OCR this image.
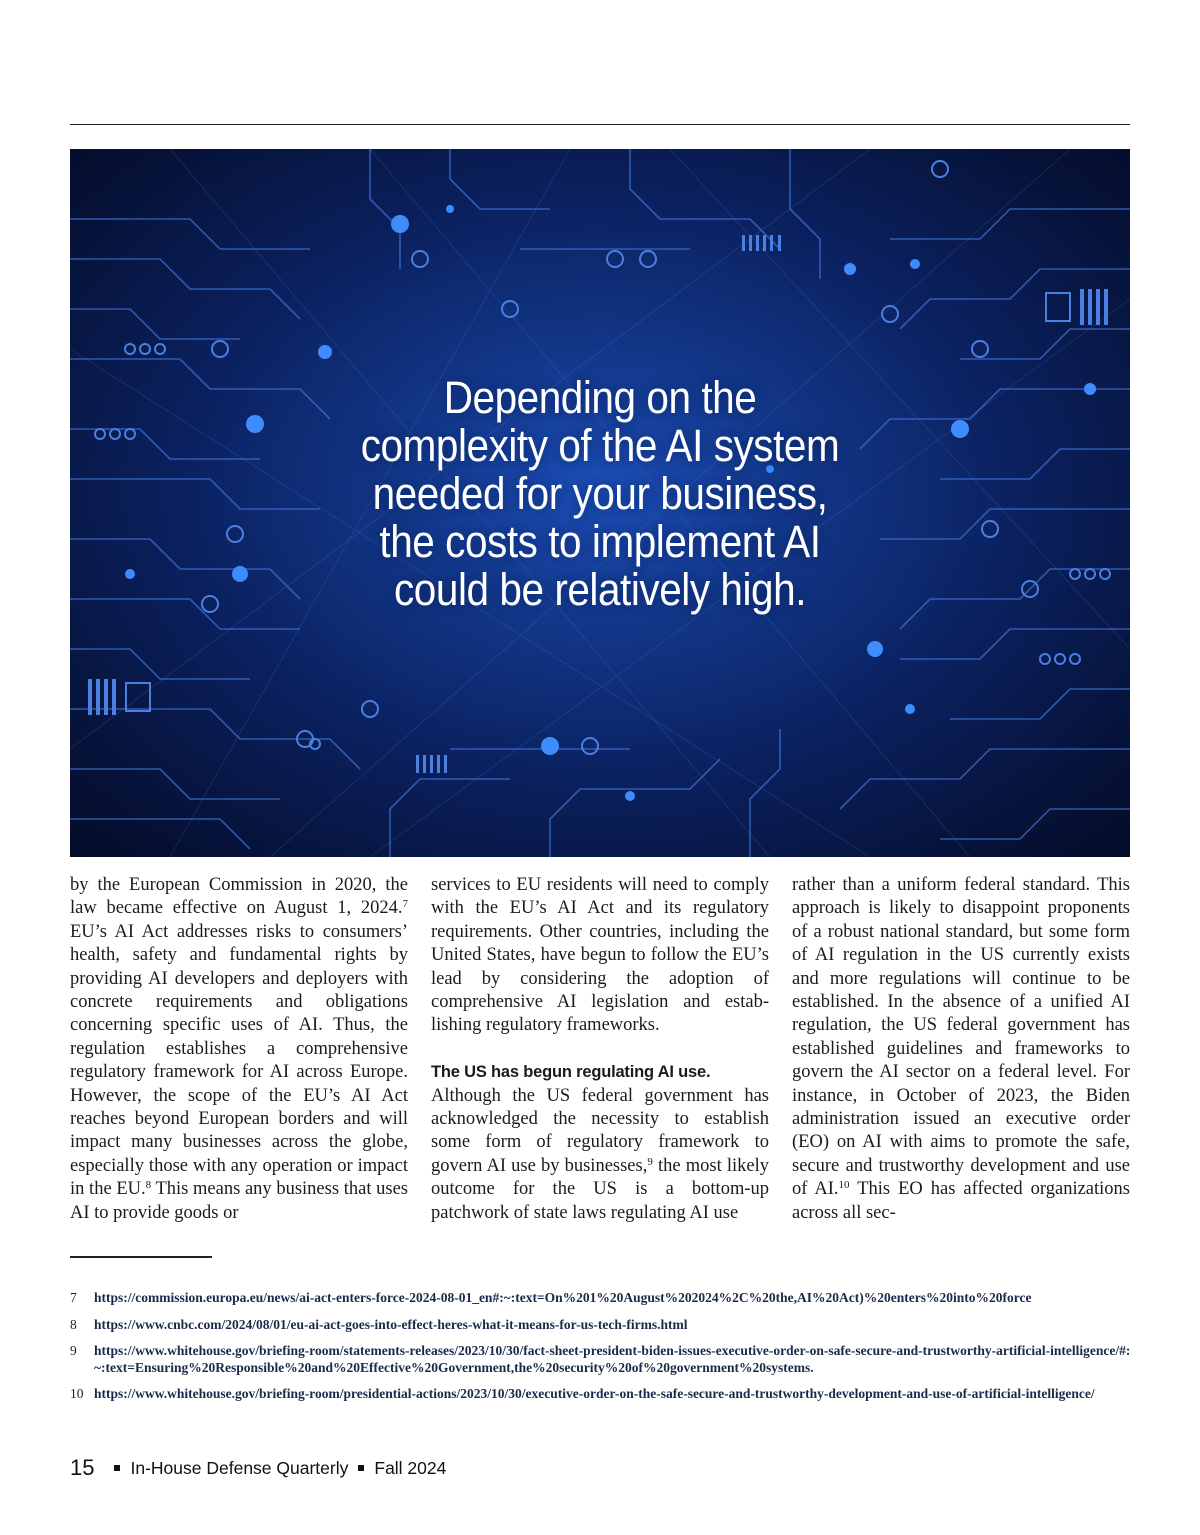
Depending on the complexity of the AI system needed for your business, the costs to implement AI could be relatively high.

by the European Commission in 2020, the law became effective on August 1, 2024.$^7$ EU’s AI Act addresses risks to consumers’ health, safety and fundamental rights by providing AI developers and deployers with concrete requirements and obligations concerning specific uses of AI. Thus, the regulation establishes a comprehensive regulatory framework for AI across Europe. However, the scope of the EU’s AI Act reaches beyond European borders and will impact many businesses across the globe, especially those with any operation or impact in the EU.$^8$ This means any business that uses AI to provide goods or

services to EU residents will need to comply with the EU’s AI Act and its regulatory requirements. Other countries, including the United States, have begun to follow the EU’s lead by considering the adoption of comprehensive AI legislation and establishing regulatory frameworks.

The US has begun regulating AI use.

Although the US federal government has acknowledged the necessity to establish some form of regulatory framework to govern AI use by businesses,$^9$ the most likely outcome for the US is a bottom-up patchwork of state laws regulating AI use

rather than a uniform federal standard. This approach is likely to disappoint proponents of a robust national standard, but some form of AI regulation in the US currently exists and more regulations will continue to be established. In the absence of a unified AI regulation, the US federal government has established guidelines and frameworks to govern the AI sector on a federal level. For instance, in October of 2023, the Biden administration issued an executive order (EO) on AI with aims to promote the safe, secure and trustworthy development and use of AI.$^{10}$ This EO has affected organizations across all sec-

7 https://commission.europa.eu/news/ai-act-enters-force-2024-08-01_en#:~:text=On%201%20August%202024%2C%20the,AI%20Act)%20enters%20into%20force
8 https://www.cnbc.com/2024/08/01/eu-ai-act-goes-into-effect-heres-what-it-means-for-us-tech-firms.html
9 https://www.whitehouse.gov/briefing-room/statements-releases/2023/10/30/fact-sheet-president-biden-issues-executive-order-on-safe-secure-and-trustworthy-artificial-intelligence/#:~:text=Ensuring%20Responsible%20and%20Effective%20Government,the%20security%20of%20government%20systems.
10 https://www.whitehouse.gov/briefing-room/presidential-actions/2023/10/30/executive-order-on-the-safe-secure-and-trustworthy-development-and-use-of-artificial-intelligence/
15 In-House Defense Quarterly Fall 2024
